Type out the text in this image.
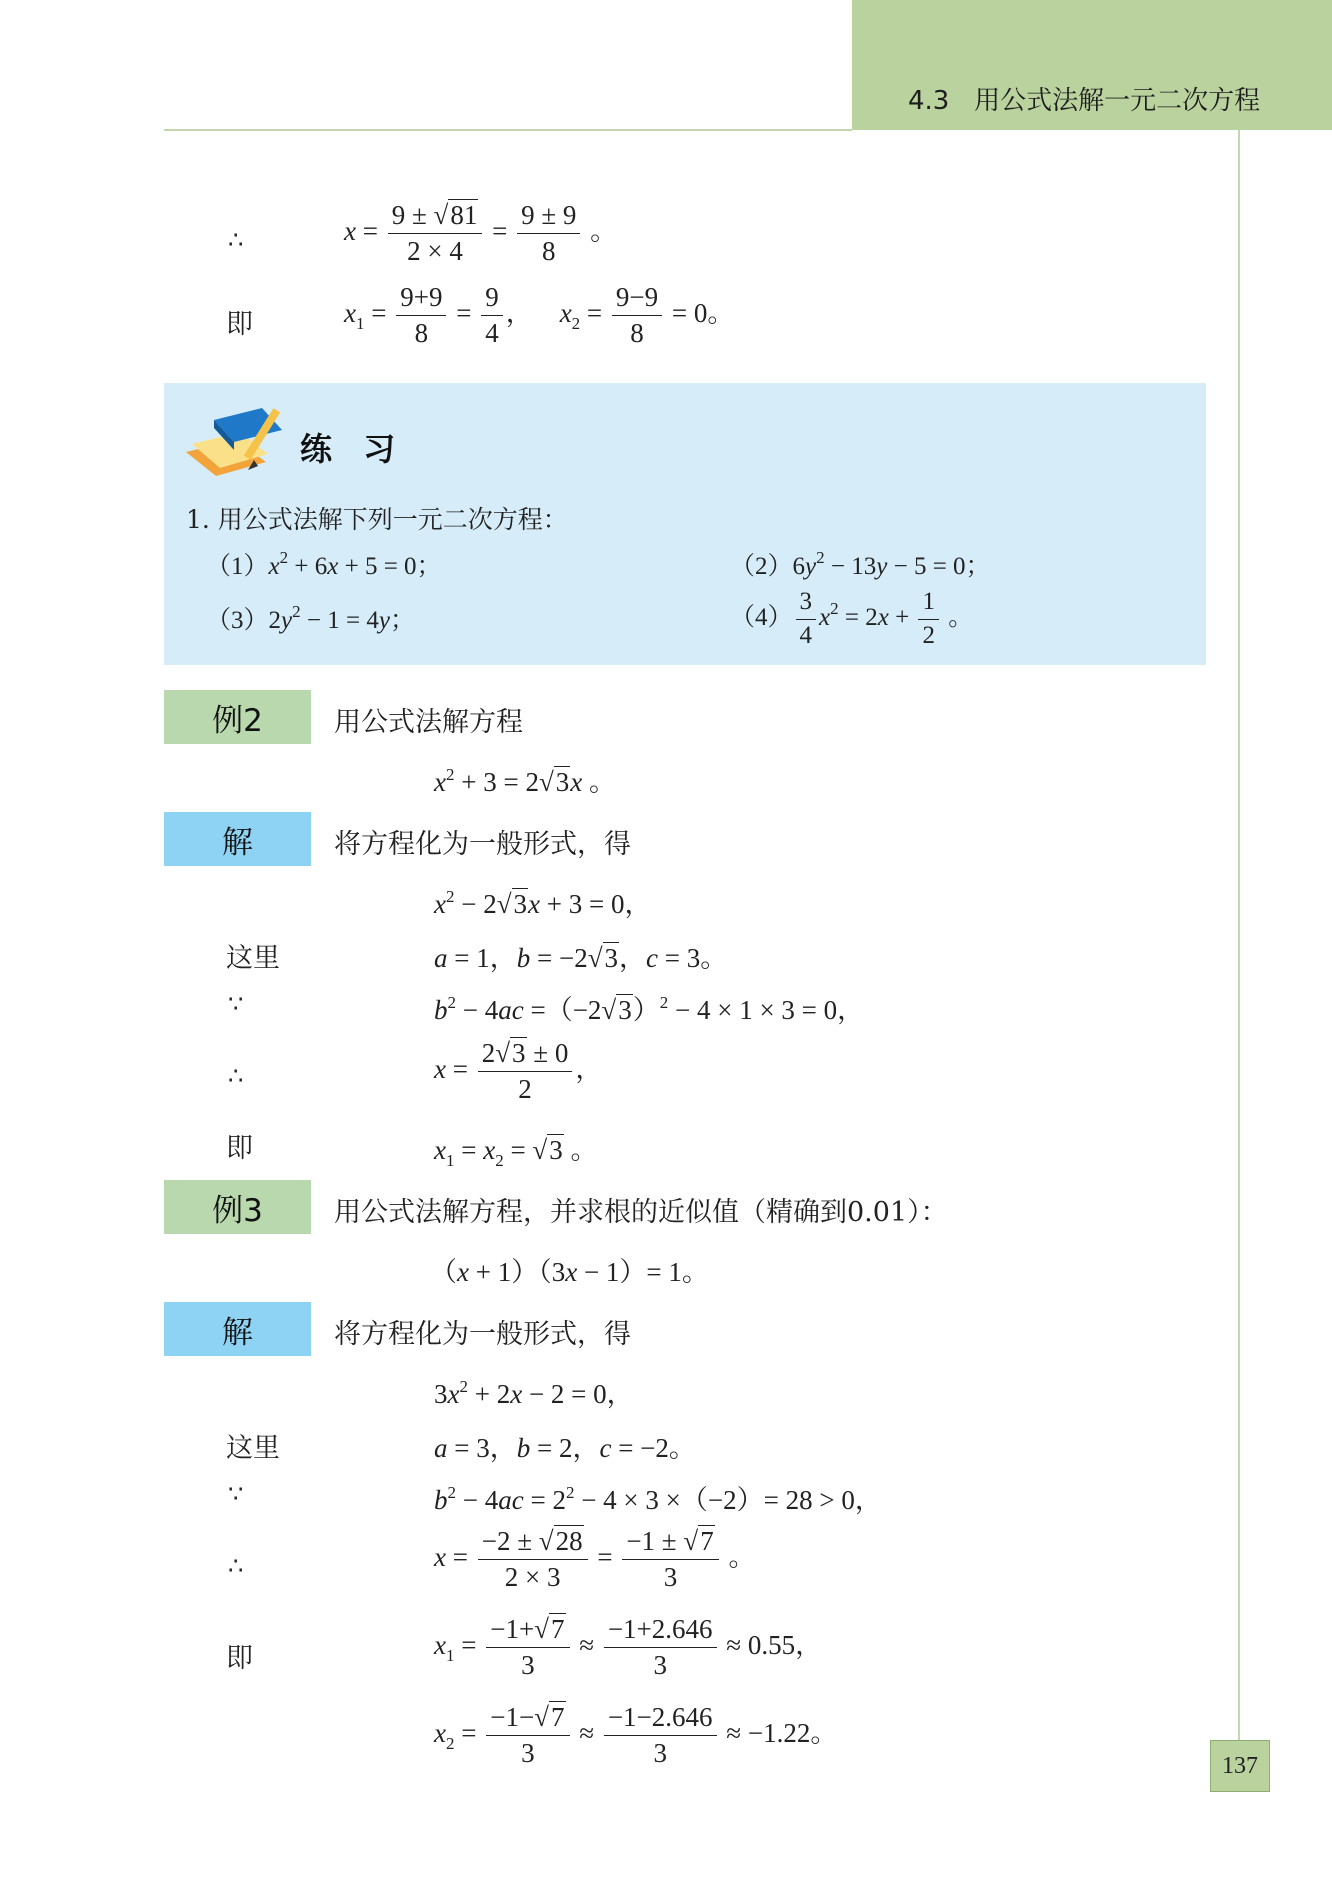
4.3 用公式法解一元二次方程
∴	$x = \frac{9 \pm √81}{2 \times 4} = \frac{9 \pm 9}{8}$ 。
即	$x_1 = \frac{9+9}{8} = \frac{9}{4}$ ，    $x_2 = \frac{9-9}{8} = 0$。
练 习
1. 用公式法解下列一元二次方程：
$(1)x^2 + 6x + 5 = 0$；	$(2)6y^2 - 13y - 5 = 0$；
$(3)2y^2 - 1 = 4y$；	$(4) \frac{3}{4} x^2 = 2x + \frac{1}{2}$ 。
例2	用公式法解方程
$x^2 + 3 = 2√3x$ 。
解	将方程化为一般形式，得
$x^2 - 2√3x + 3 = 0$，
这里	a = 1，b = −2√3，c = 3。
∵	$b^2 - 4ac =(-2√3)^2 - 4 \times 1 \times 3 = 0$，
∴	$x = \frac{2√3 \pm 0}{2}$ ，
即	$x_1 = x_2 = √3$ 。
例3	用公式法解方程，并求根的近似值（精确到0.01）：
（x + 1）（3x − 1）= 1。
解	将方程化为一般形式，得
$3x^2 + 2x - 2 = 0$，
这里	a = 3，b = 2，c = −2。
∵	$b^2 - 4ac = 2^2 - 4 \times 3 \times(-2)= 28 > 0$，
∴	$x = \frac{-2 \pm √28}{2 \times 3} = \frac{-1 \pm √7}{3}$ 。
即	$x_1 = \frac{-1+√7}{3} \approx \frac{-1+2.646}{3} \approx 0.55$，
$x_2 = \frac{-1-√7}{3} \approx \frac{-1-2.646}{3} \approx -1.22$。
137
